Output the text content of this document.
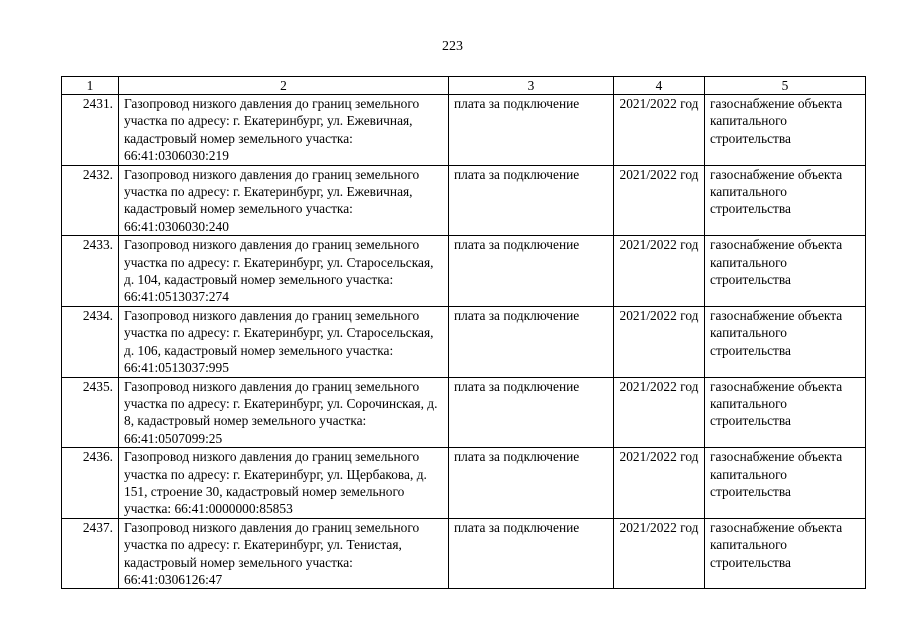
223
1	2	3	4	5
2431.	Газопровод низкого давления до границ земельного участка по адресу: г. Екатеринбург, ул. Ежевичная, кадастровый номер земельного участка: 66:41:0306030:219	плата за подключение	2021/2022 год	газоснабжение объекта капитального строительства
2432.	Газопровод низкого давления до границ земельного участка по адресу: г. Екатеринбург, ул. Ежевичная, кадастровый номер земельного участка: 66:41:0306030:240	плата за подключение	2021/2022 год	газоснабжение объекта капитального строительства
2433.	Газопровод низкого давления до границ земельного участка по адресу: г. Екатеринбург, ул. Старосельская, д. 104, кадастровый номер земельного участка: 66:41:0513037:274	плата за подключение	2021/2022 год	газоснабжение объекта капитального строительства
2434.	Газопровод низкого давления до границ земельного участка по адресу: г. Екатеринбург, ул. Старосельская, д. 106, кадастровый номер земельного участка: 66:41:0513037:995	плата за подключение	2021/2022 год	газоснабжение объекта капитального строительства
2435.	Газопровод низкого давления до границ земельного участка по адресу: г. Екатеринбург, ул. Сорочинская, д. 8, кадастровый номер земельного участка: 66:41:0507099:25	плата за подключение	2021/2022 год	газоснабжение объекта капитального строительства
2436.	Газопровод низкого давления до границ земельного участка по адресу: г. Екатеринбург, ул. Щербакова, д. 151, строение 30, кадастровый номер земельного участка: 66:41:0000000:85853	плата за подключение	2021/2022 год	газоснабжение объекта капитального строительства
2437.	Газопровод низкого давления до границ земельного участка по адресу: г. Екатеринбург, ул. Тенистая, кадастровый номер земельного участка: 66:41:0306126:47	плата за подключение	2021/2022 год	газоснабжение объекта капитального строительства
